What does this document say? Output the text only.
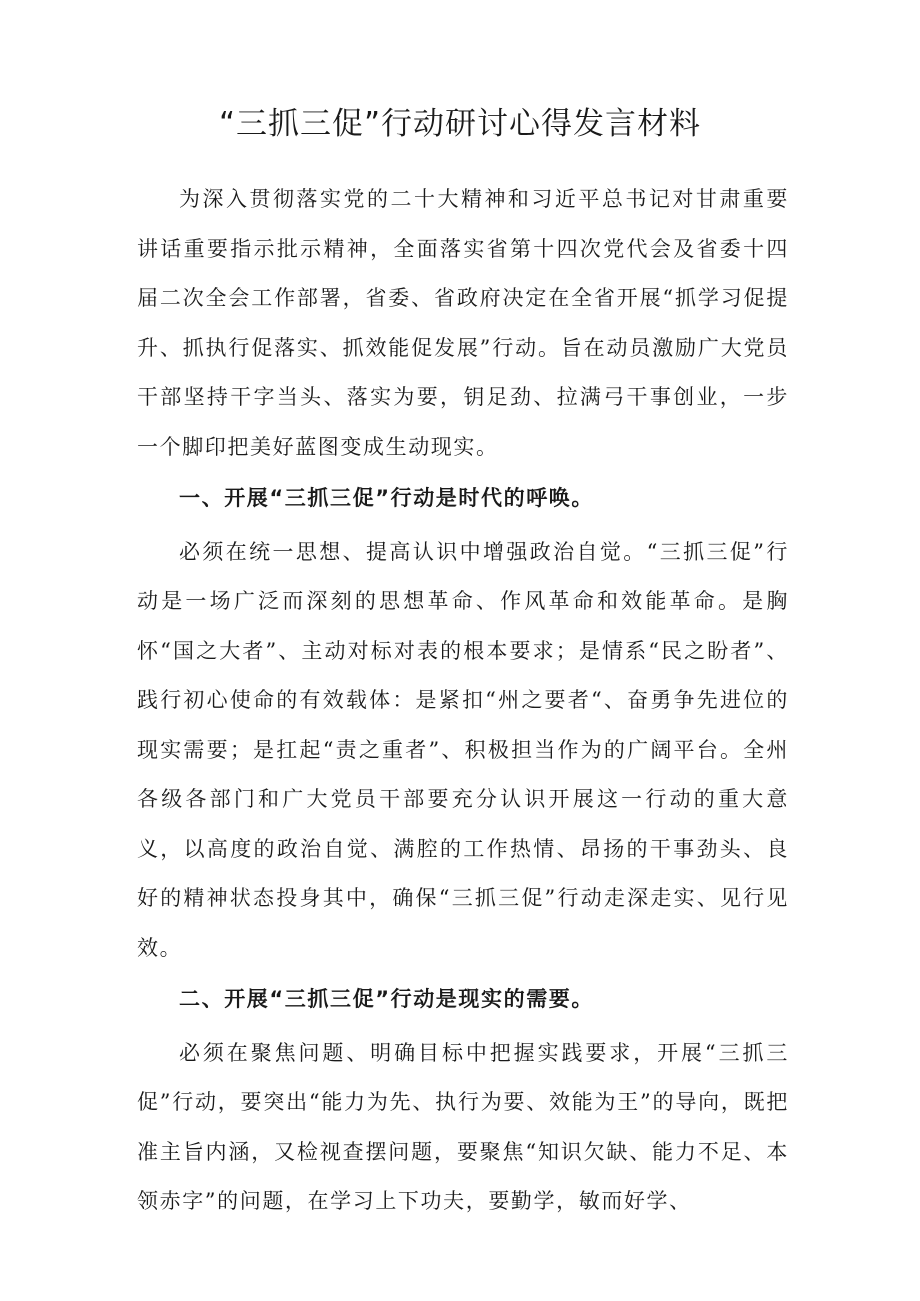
“三抓三促”行动研讨心得发言材料

为深入贯彻落实党的二十大精神和习近平总书记对甘肃重要讲话重要指示批示精神，全面落实省第十四次党代会及省委十四届二次全会工作部署，省委、省政府决定在全省开展“抓学习促提升、抓执行促落实、抓效能促发展”行动。旨在动员激励广大党员干部坚持干字当头、落实为要，钥足劲、拉满弓干事创业，一步一个脚印把美好蓝图变成生动现实。

一、开展“三抓三促”行动是时代的呼唤。

必须在统一思想、提高认识中增强政治自觉。“三抓三促”行动是一场广泛而深刻的思想革命、作风革命和效能革命。是胸怀“国之大者”、主动对标对表的根本要求；是情系“民之盼者”、践行初心使命的有效载体：是紧扣“州之要者“、奋勇争先进位的现实需要；是扛起“责之重者”、积极担当作为的广阔平台。全州各级各部门和广大党员干部要充分认识开展这一行动的重大意义，以高度的政治自觉、满腔的工作热情、昂扬的干事劲头、良好的精神状态投身其中，确保“三抓三促”行动走深走实、见行见效。

二、开展“三抓三促”行动是现实的需要。

必须在聚焦问题、明确目标中把握实践要求，开展“三抓三促”行动，要突出“能力为先、执行为要、效能为王”的导向，既把准主旨内涵，又检视查摆问题，要聚焦“知识欠缺、能力不足、本领赤字”的问题，在学习上下功夫，要勤学，敏而好学、
